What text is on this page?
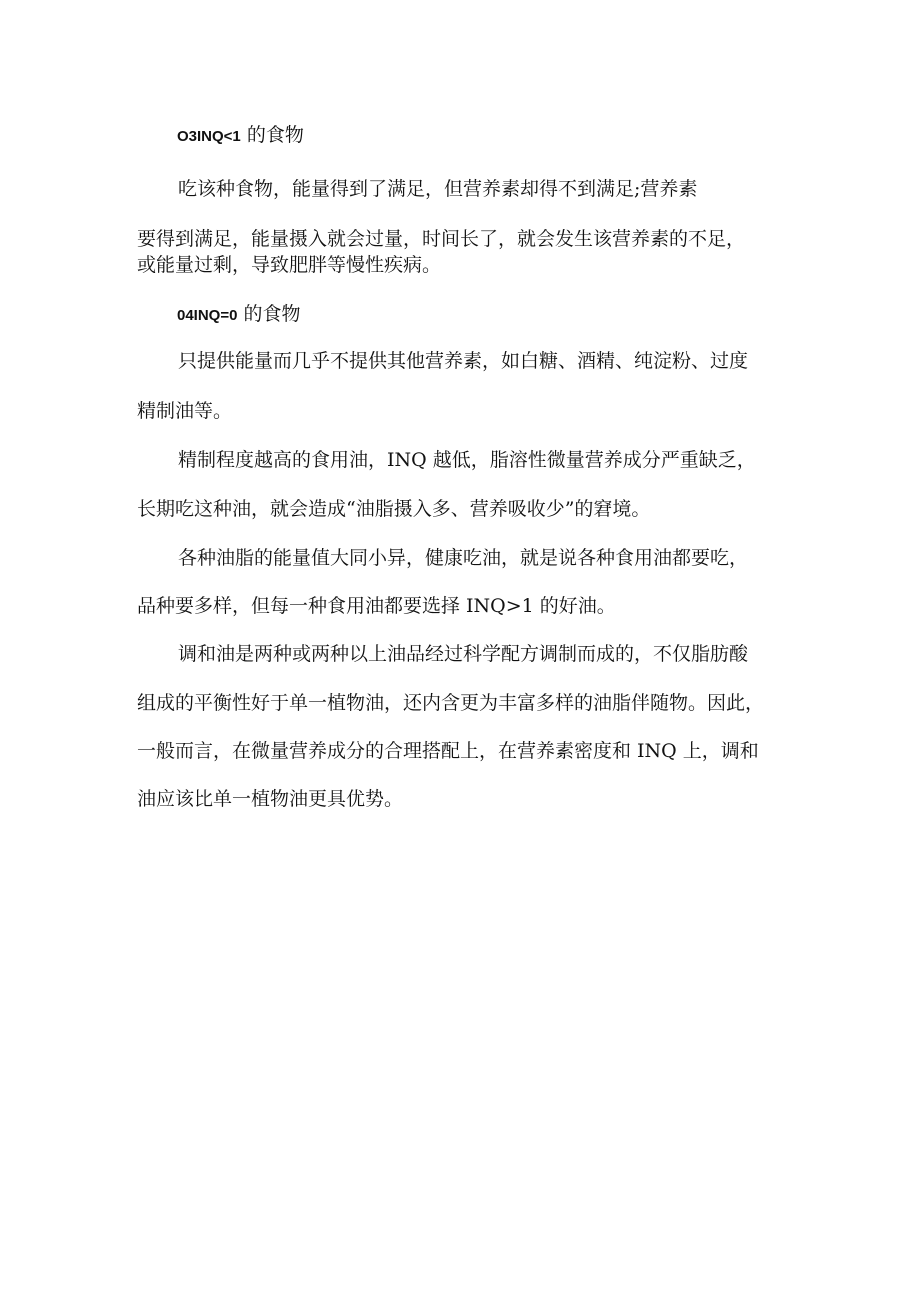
O3INQ<1 的食物
吃该种食物，能量得到了满足，但营养素却得不到满足;营养素
要得到满足，能量摄入就会过量，时间长了，就会发生该营养素的不足，
或能量过剩，导致肥胖等慢性疾病。
04INQ=0 的食物
只提供能量而几乎不提供其他营养素，如白糖、酒精、纯淀粉、过度
精制油等。
精制程度越高的食用油，INQ 越低，脂溶性微量营养成分严重缺乏，
长期吃这种油，就会造成“油脂摄入多、营养吸收少”的窘境。
各种油脂的能量值大同小异，健康吃油，就是说各种食用油都要吃，
品种要多样，但每一种食用油都要选择 INQ>1 的好油。
调和油是两种或两种以上油品经过科学配方调制而成的，不仅脂肪酸
组成的平衡性好于单一植物油，还内含更为丰富多样的油脂伴随物。因此，
一般而言，在微量营养成分的合理搭配上，在营养素密度和 INQ 上，调和
油应该比单一植物油更具优势。
